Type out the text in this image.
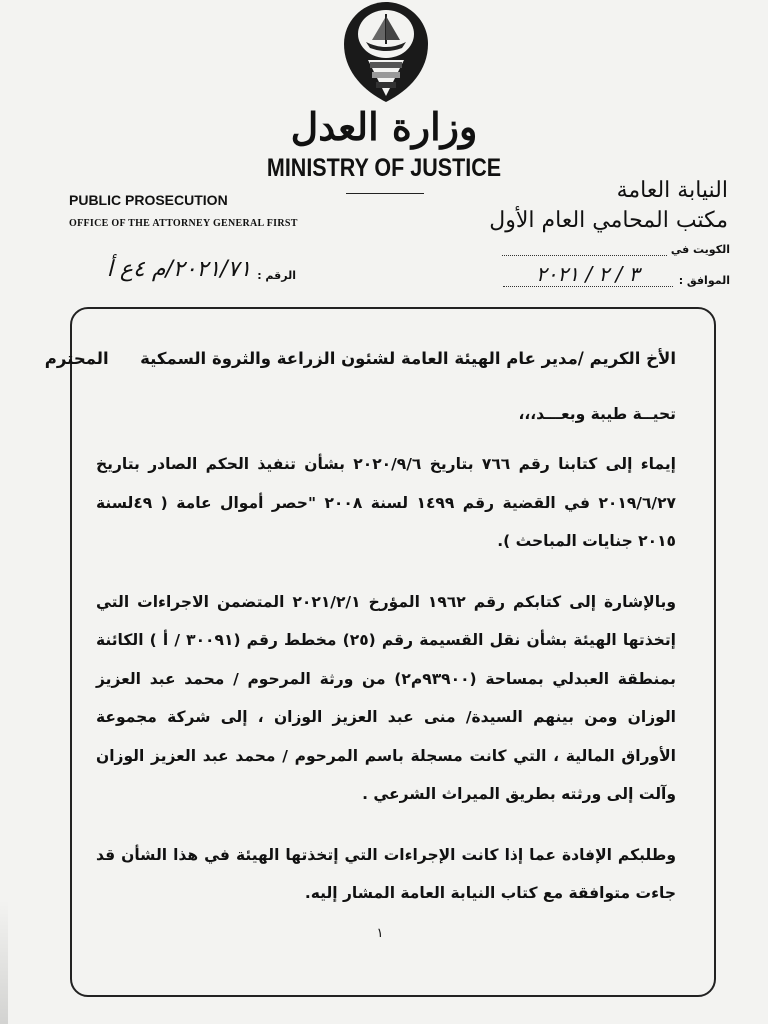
وزارة العدل
MINISTRY OF JUSTICE
PUBLIC PROSECUTION
OFFICE OF THE ATTORNEY GENERAL FIRST
النيابة العامة
مكتب المحامي العام الأول
الكويت في
الموافق :
٣ / ٢ / ٢٠٢١
الرقم :
٢٠٢١/٧١/م ٤ع أ

الأخ الكريم /مدير عام الهيئة العامة لشئون الزراعة والثروة السمكية  المحترم

تحيــة طيبة وبعـــد،،،

إيماء إلى كتابنا رقم ٧٦٦ بتاريخ ٢٠٢٠/٩/٦ بشأن تنفيذ الحكم الصادر بتاريخ ٢٠١٩/٦/٢٧ في القضية رقم ١٤٩٩ لسنة ٢٠٠٨ "حصر أموال عامة ( ٤٩لسنة ٢٠١٥ جنايات المباحث ).

وبالإشارة إلى كتابكم رقم ١٩٦٢ المؤرخ ٢٠٢١/٢/١ المتضمن الاجراءات التي إتخذتها الهيئة بشأن نقل القسيمة رقم (٢٥) مخطط رقم (٣٠٠٩١ / أ ) الكائنة بمنطقة العبدلي بمساحة (٩٣٩٠٠م٢) من ورثة المرحوم / محمد عبد العزيز الوزان ومن بينهم السيدة/ منى عبد العزيز الوزان ، إلى شركة مجموعة الأوراق المالية ، التي كانت مسجلة باسم المرحوم / محمد عبد العزيز الوزان وآلت إلى ورثته بطريق الميراث الشرعي .

وطلبكم الإفادة عما إذا كانت الإجراءات التي إتخذتها الهيئة في هذا الشأن قد جاءت متوافقة مع كتاب النيابة العامة المشار إليه.

١
